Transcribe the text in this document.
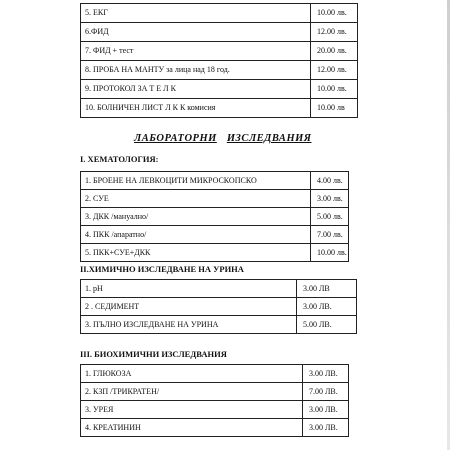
5. ЕКГ	10.00 лв.
6.ФИД	12.00 лв.
7. ФИД + тест	20.00 лв.
8. ПРОБА НА МАНТУ за лица над 18 год.	12.00 лв.
9. ПРОТОКОЛ ЗА Т Е Л К	10.00 лв.
10. БОЛНИЧЕН ЛИСТ Л К К комисия	10.00 лв
ЛАБОРАТОРНИ ИЗСЛЕДВАНИЯ
I. ХЕМАТОЛОГИЯ:
1. БРОЕНЕ НА ЛЕВКОЦИТИ МИКРОСКОПСКО	4.00 лв.
2. СУЕ	3.00 лв.
3. ДКК /мануално/	5.00 лв.
4. ПКК /апаратно/	7.00 лв.
5. ПКК+СУЕ+ДКК	10.00 лв.
II.ХИМИЧНО ИЗСЛЕДВАНЕ НА УРИНА
1. pH	3.00 ЛВ
2 . СЕДИМЕНТ	3.00 ЛВ.
3. ПЪЛНО ИЗСЛЕДВАНЕ НА УРИНА	5.00 ЛВ.
III. БИОХИМИЧНИ ИЗСЛЕДВАНИЯ
1. ГЛЮКОЗА	3.00 ЛВ.
2. КЗП /ТРИКРАТЕН/	7.00 ЛВ.
3. УРЕЯ	3.00 ЛВ.
4. КРЕАТИНИН	3.00 ЛВ.
